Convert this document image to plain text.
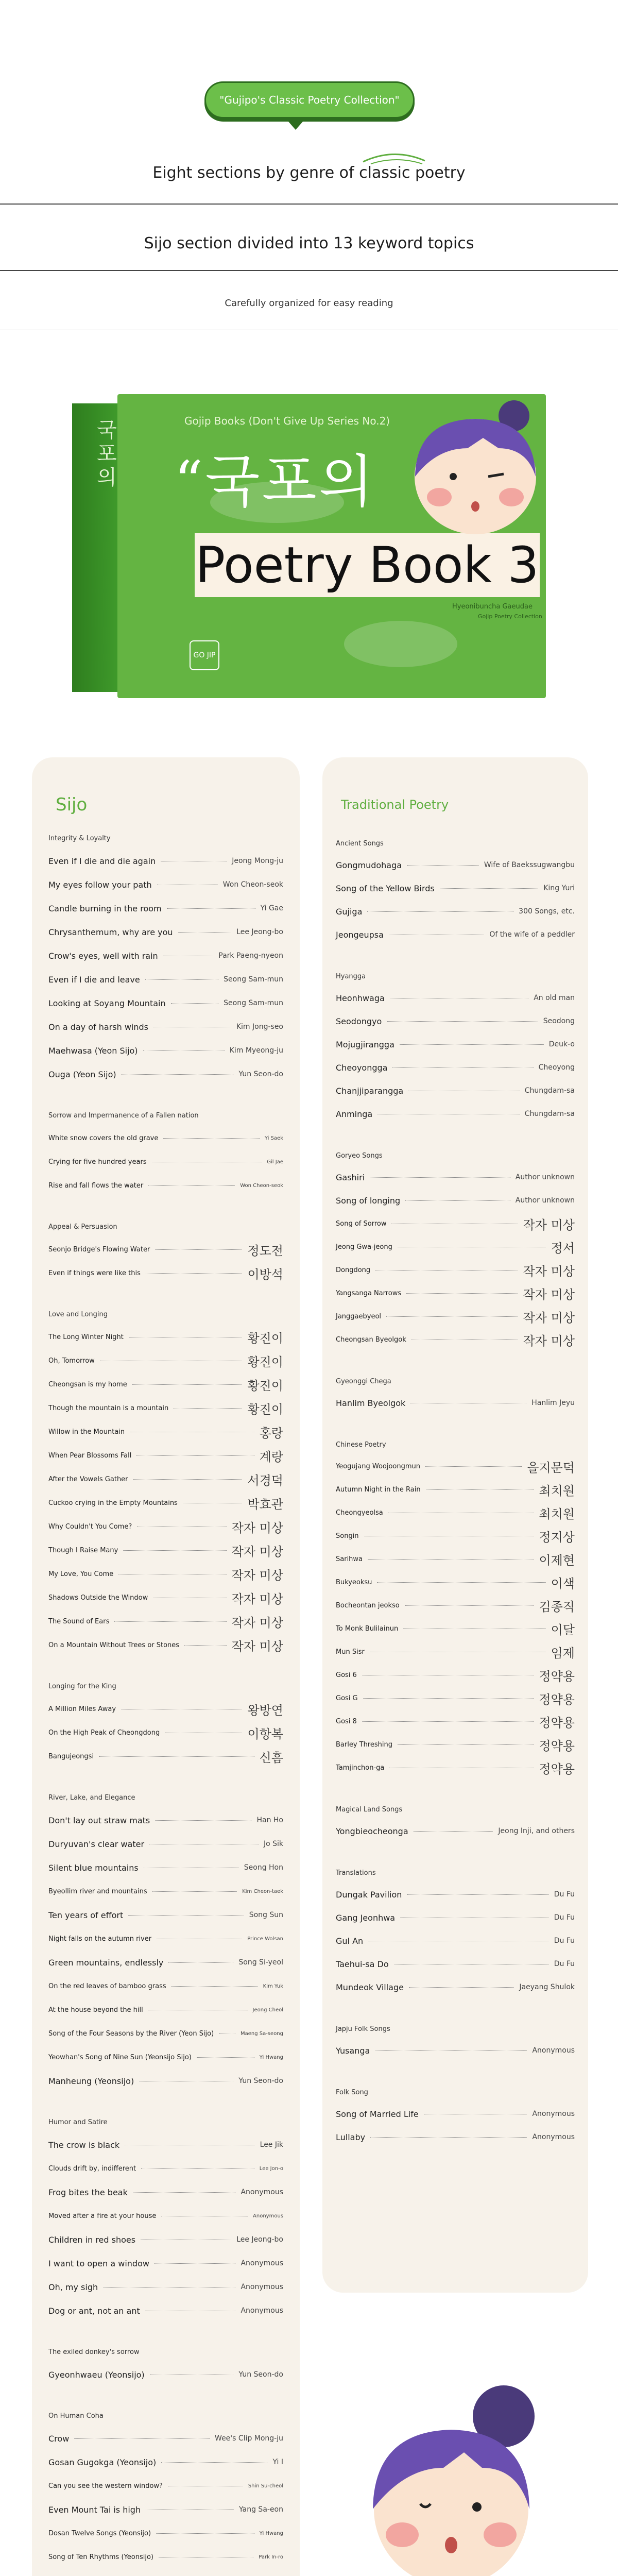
"Gujipo's Classic Poetry Collection"
Eight sections by genre of classic poetry
Sijo section divided into 13 keyword topics
Carefully organized for easy reading
국포의	Gojip Books (Don't Give Up Series No.2)
“국포의
Poetry Book 3
Hyeonibuncha Gaeudae
Gojip Poetry Collection
GO JIP
Sijo
Integrity & Loyalty
Even if I die and die again	Jeong Mong-ju
My eyes follow your path	Won Cheon-seok
Candle burning in the room	Yi Gae
Chrysanthemum, why are you	Lee Jeong-bo
Crow's eyes, well with rain	Park Paeng-nyeon
Even if I die and leave	Seong Sam-mun
Looking at Soyang Mountain	Seong Sam-mun
On a day of harsh winds	Kim Jong-seo
Maehwasa (Yeon Sijo)	Kim Myeong-ju
Ouga (Yeon Sijo)	Yun Seon-do
Sorrow and Impermanence of a Fallen nation
White snow covers the old grave	Yi Saek
Crying for five hundred years	Gil Jae
Rise and fall flows the water	Won Cheon-seok
Appeal & Persuasion
Seonjo Bridge's Flowing Water	정도전
Even if things were like this	이방석
Love and Longing
The Long Winter Night	황진이
Oh, Tomorrow	황진이
Cheongsan is my home	황진이
Though the mountain is a mountain	황진이
Willow in the Mountain	홍랑
When Pear Blossoms Fall	계랑
After the Vowels Gather	서경덕
Cuckoo crying in the Empty Mountains	박효관
Why Couldn't You Come?	작자 미상
Though I Raise Many	작자 미상
My Love, You Come	작자 미상
Shadows Outside the Window	작자 미상
The Sound of Ears	작자 미상
On a Mountain Without Trees or Stones	작자 미상
Longing for the King
A Million Miles Away	왕방연
On the High Peak of Cheongdong	이항복
Bangujeongsi	신흠
River, Lake, and Elegance
Don't lay out straw mats	Han Ho
Duryuvan's clear water	Jo Sik
Silent blue mountains	Seong Hon
Byeollim river and mountains	Kim Cheon-taek
Ten years of effort	Song Sun
Night falls on the autumn river	Prince Wolsan
Green mountains, endlessly	Song Si-yeol
On the red leaves of bamboo grass	Kim Yuk
At the house beyond the hill	Jeong Cheol
Song of the Four Seasons by the River (Yeon Sijo)	Maeng Sa-seong
Yeowhan's Song of Nine Sun (Yeonsijo Sijo)	Yi Hwang
Manheung (Yeonsijo)	Yun Seon-do
Humor and Satire
The crow is black	Lee Jik
Clouds drift by, indifferent	Lee Jon-o
Frog bites the beak	Anonymous
Moved after a fire at your house	Anonymous
Children in red shoes	Lee Jeong-bo
I want to open a window	Anonymous
Oh, my sigh	Anonymous
Dog or ant, not an ant	Anonymous
The exiled donkey's sorrow
Gyeonhwaeu (Yeonsijo)	Yun Seon-do
On Human Coha
Crow	Wee's Clip Mong-ju
Gosan Gugokga (Yeonsijo)	Yi I
Can you see the western window?	Shin Su-cheol
Even Mount Tai is high	Yang Sa-eon
Dosan Twelve Songs (Yeonsijo)	Yi Hwang
Song of Ten Rhythms (Yeonsijo)	Park In-ro
Traditional Poetry
Ancient Songs
Gongmudohaga	Wife of Baekssugwangbu
Song of the Yellow Birds	King Yuri
Gujiga	300 Songs, etc.
Jeongeupsa	Of the wife of a peddler
Hyangga
Heonhwaga	An old man
Seodongyo	Seodong
Mojugjirangga	Deuk-o
Cheoyongga	Cheoyong
Chanjjiparangga	Chungdam-sa
Anminga	Chungdam-sa
Goryeo Songs
Gashiri	Author unknown
Song of longing	Author unknown
Song of Sorrow	작자 미상
Jeong Gwa-jeong	정서
Dongdong	작자 미상
Yangsanga Narrows	작자 미상
Janggaebyeol	작자 미상
Cheongsan Byeolgok	작자 미상
Gyeonggi Chega
Hanlim Byeolgok	Hanlim Jeyu
Chinese Poetry
Yeogujang Woojoongmun	을지문덕
Autumn Night in the Rain	최치원
Cheongyeolsa	최치원
Songin	정지상
Sarihwa	이제현
Bukyeoksu	이색
Bocheontan jeokso	김종직
To Monk Bulilainun	이달
Mun Sisr	임제
Gosi 6	정약용
Gosi G	정약용
Gosi 8	정약용
Barley Threshing	정약용
Tamjinchon-ga	정약용
Magical Land Songs
Yongbieocheonga	Jeong Inji, and others
Translations
Dungak Pavilion	Du Fu
Gang Jeonhwa	Du Fu
Gul An	Du Fu
Taehui-sa Do	Du Fu
Mundeok Village	Jaeyang Shulok
Japju Folk Songs
Yusanga	Anonymous
Folk Song
Song of Married Life	Anonymous
Lullaby	Anonymous
